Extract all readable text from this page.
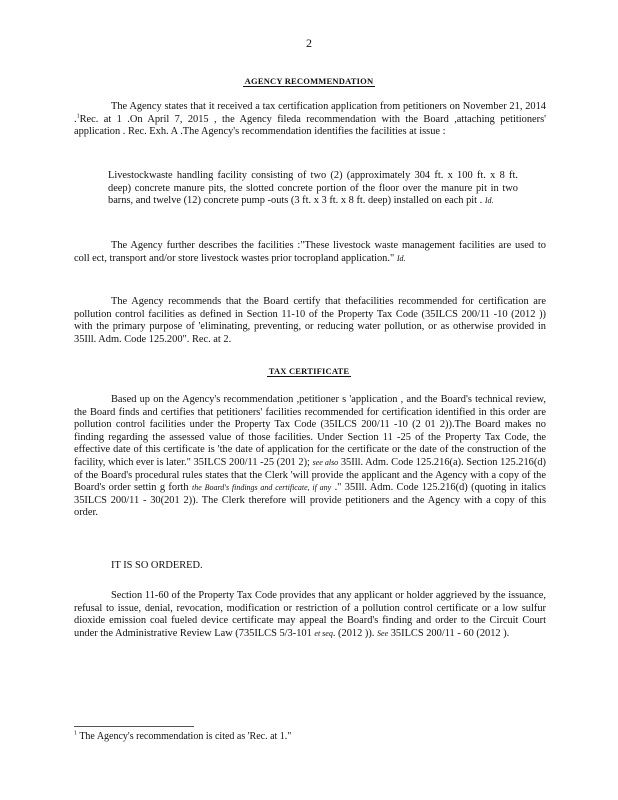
2
AGENCY RECOMMENDATION

The Agency states that it received a tax certification application from petitioners on November 21, 2014 .$^1$Rec. at 1 .On April 7, 2015 , the Agency fileda recommendation with the Board ,attaching petitioners' application . Rec. Exh. A .The Agency's recommendation identifies the facilities at issue :

Livestockwaste handling facility consisting of two (2) (approximately 304 ft. x 100 ft. x 8 ft. deep) concrete manure pits, the slotted concrete portion of the floor over the manure pit in two barns, and twelve (12) concrete pump -outs (3 ft. x 3 ft. x 8 ft. deep) installed on each pit . Id.

The Agency further describes the facilities :"These livestock waste management facilities are used to coll ect, transport and/or store livestock wastes prior tocropland application." Id.

The Agency recommends that the Board certify that thefacilities recommended for certification are pollution control facilities as defined in Section 11-10 of the Property Tax Code (35ILCS 200/11 -10 (2012 )) with the primary purpose of 'eliminating, preventing, or reducing water pollution, or as otherwise provided in 35Ill. Adm. Code 125.200". Rec. at 2.

TAX CERTIFICATE

Based up on the Agency's recommendation ,petitioner s 'application , and the Board's technical review, the Board finds and certifies that petitioners' facilities recommended for certification identified in this order are pollution control facilities under the Property Tax Code (35ILCS 200/11 -10 (2 01 2)).The Board makes no finding regarding the assessed value of those facilities. Under Section 11 -25 of the Property Tax Code, the effective date of this certificate is 'the date of application for the certificate or the date of the construction of the facility, which ever is later." 35ILCS 200/11 -25 (201 2); see also 35Ill. Adm. Code 125.216(a). Section 125.216(d) of the Board's procedural rules states that the Clerk 'will provide the applicant and the Agency with a copy of the Board's order settin g forth the Board's findings and certificate, if any ." 35Ill. Adm. Code 125.216(d) (quoting in italics 35ILCS 200/11 - 30(201 2)). The Clerk therefore will provide petitioners and the Agency with a copy of this order.

IT IS SO ORDERED.

Section 11-60 of the Property Tax Code provides that any applicant or holder aggrieved by the issuance, refusal to issue, denial, revocation, modification or restriction of a pollution control certificate or a low sulfur dioxide emission coal fueled device certificate may appeal the Board's finding and order to the Circuit Court under the Administrative Review Law (735ILCS 5/3-101 et seq. (2012 )). See 35ILCS 200/11 - 60 (2012 ).

$^1$ The Agency's recommendation is cited as 'Rec. at 1."
